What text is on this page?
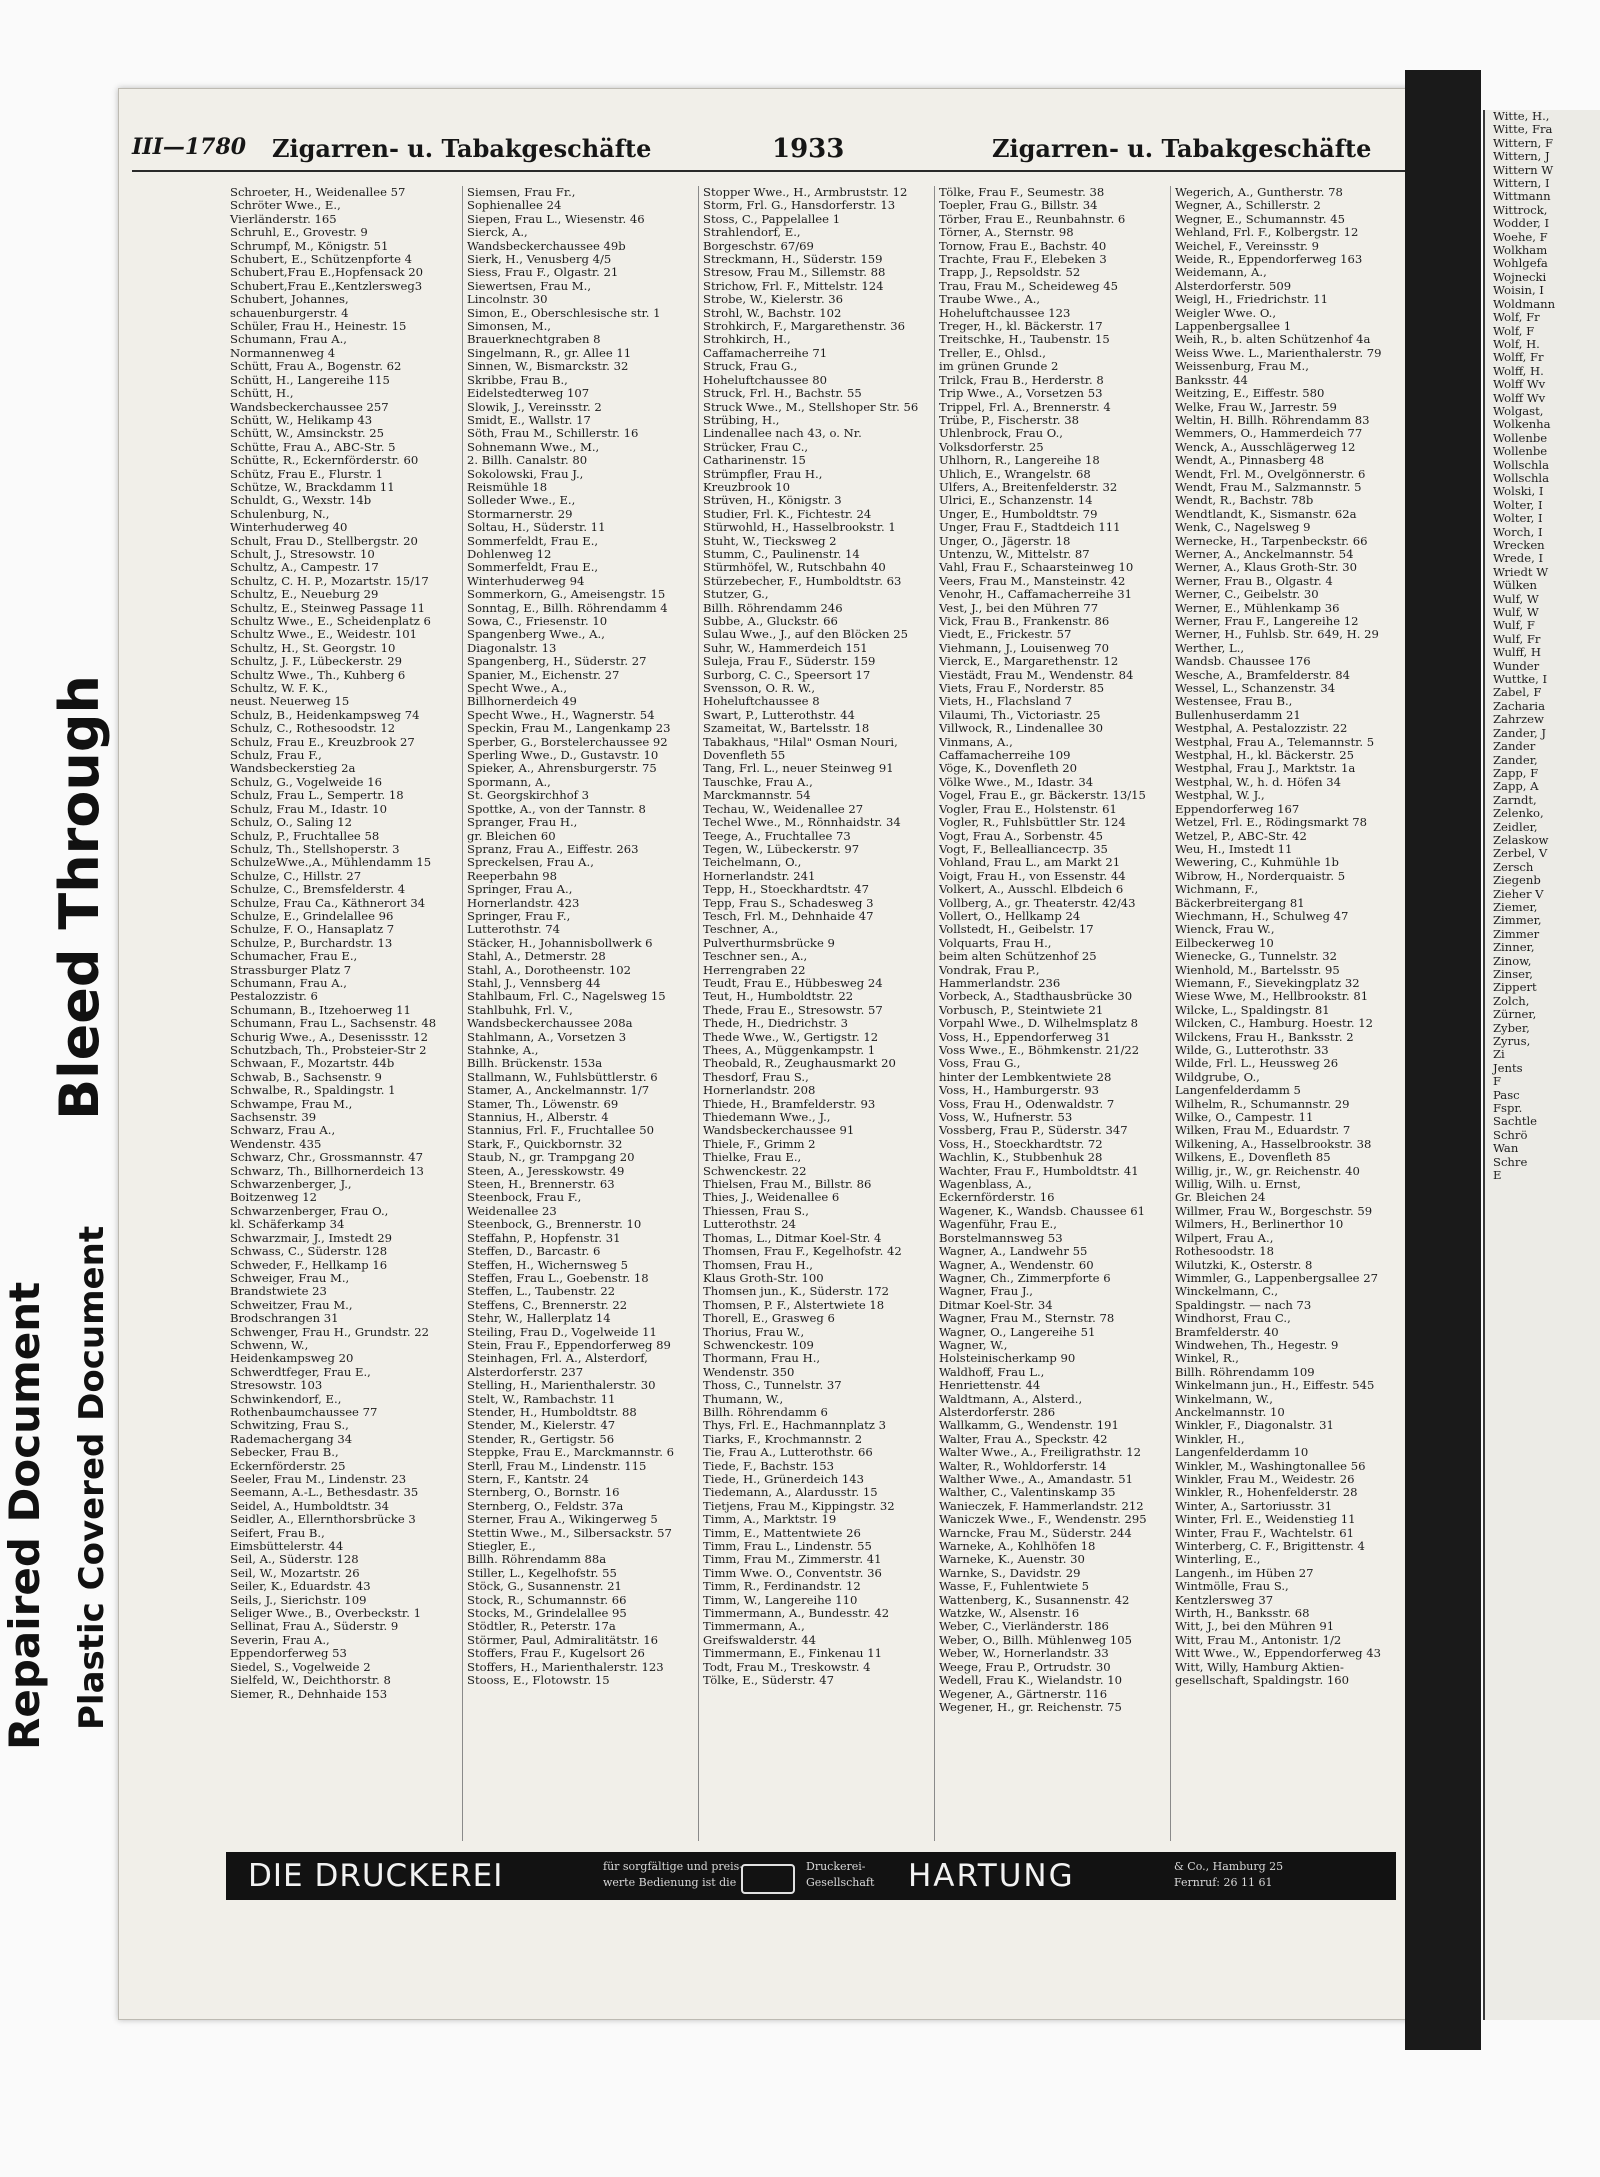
Bleed Through
Repaired Document Plastic Covered Document
III—1780 Zigarren- u. Tabakgeschäfte	1933	Zigarren- u. Tabakgeschäfte
Schroeter, H., Weidenallee 57
Schröter Wwe., E.,
Vierländerstr. 165
Schruhl, E., Grovestr. 9
Schrumpf, M., Königstr. 51
Schubert, E., Schützenpforte 4
Schubert,Frau E.,Hopfensack 20
Schubert,Frau E.,Kentzlersweg3
Schubert, Johannes,
schauenburgerstr. 4
Schüler, Frau H., Heinestr. 15
Schumann, Frau A.,
Normannenweg 4
Schütt, Frau A., Bogenstr. 62
Schütt, H., Langereihe 115
Schütt, H.,
Wandsbeckerchaussee 257
Schütt, W., Helikamp 43
Schütt, W., Amsinckstr. 25
Schütte, Frau A., ABC-Str. 5
Schütte, R., Eckernförderstr. 60
Schütz, Frau E., Flurstr. 1
Schütze, W., Brackdamm 11
Schuldt, G., Wexstr. 14b
Schulenburg, N.,
Winterhuderweg 40
Schult, Frau D., Stellbergstr. 20
Schult, J., Stresowstr. 10
Schultz, A., Campestr. 17
Schultz, C. H. P., Mozartstr. 15/17
Schultz, E., Neueburg 29
Schultz, E., Steinweg Passage 11
Schultz Wwe., E., Scheidenplatz 6
Schultz Wwe., E., Weidestr. 101
Schultz, H., St. Georgstr. 10
Schultz, J. F., Lübeckerstr. 29
Schultz Wwe., Th., Kuhberg 6
Schultz, W. F. K.,
neust. Neuerweg 15
Schulz, B., Heidenkampsweg 74
Schulz, C., Rothesoodstr. 12
Schulz, Frau E., Kreuzbrook 27
Schulz, Frau F.,
Wandsbeckerstieg 2a
Schulz, G., Vogelweide 16
Schulz, Frau L., Sempertr. 18
Schulz, Frau M., Idastr. 10
Schulz, O., Saling 12
Schulz, P., Fruchtallee 58
Schulz, Th., Stellshoperstr. 3
SchulzeWwe.,A., Mühlendamm 15
Schulze, C., Hillstr. 27
Schulze, C., Bremsfelderstr. 4
Schulze, Frau Ca., Käthnerort 34
Schulze, E., Grindelallee 96
Schulze, F. O., Hansaplatz 7
Schulze, P., Burchardstr. 13
Schumacher, Frau E.,
Strassburger Platz 7
Schumann, Frau A.,
Pestalozzistr. 6
Schumann, B., Itzehoerweg 11
Schumann, Frau L., Sachsenstr. 48
Schurig Wwe., A., Desenissstr. 12
Schutzbach, Th., Probsteier-Str 2
Schwaan, F., Mozartstr. 44b
Schwab, B., Sachsenstr. 9
Schwalbe, R., Spaldingstr. 1
Schwampe, Frau M.,
Sachsenstr. 39
Schwarz, Frau A.,
Wendenstr. 435
Schwarz, Chr., Grossmannstr. 47
Schwarz, Th., Billhornerdeich 13
Schwarzenberger, J.,
Boitzenweg 12
Schwarzenberger, Frau O.,
kl. Schäferkamp 34
Schwarzmair, J., Imstedt 29
Schwass, C., Süderstr. 128
Schweder, F., Hellkamp 16
Schweiger, Frau M.,
Brandstwiete 23
Schweitzer, Frau M.,
Brodschrangen 31
Schwenger, Frau H., Grundstr. 22
Schwenn, W.,
Heidenkampsweg 20
Schwerdtfeger, Frau E.,
Stresowstr. 103
Schwinkendorf, E.,
Rothenbaumchaussee 77
Schwitzing, Frau S.,
Rademachergang 34
Sebecker, Frau B.,
Eckernförderstr. 25
Seeler, Frau M., Lindenstr. 23
Seemann, A.-L., Bethesdastr. 35
Seidel, A., Humboldtstr. 34
Seidler, A., Ellernthorsbrücke 3
Seifert, Frau B.,
Eimsbüttelerstr. 44
Seil, A., Süderstr. 128
Seil, W., Mozartstr. 26
Seiler, K., Eduardstr. 43
Seils, J., Sierichstr. 109
Seliger Wwe., B., Overbeckstr. 1
Sellinat, Frau A., Süderstr. 9
Severin, Frau A.,
Eppendorferweg 53
Siedel, S., Vogelweide 2
Sielfeld, W., Deichthorstr. 8
Siemer, R., Dehnhaide 153
Siemsen, Frau Fr.,
Sophienallee 24
Siepen, Frau L., Wiesenstr. 46
Sierck, A.,
Wandsbeckerchaussee 49b
Sierk, H., Venusberg 4/5
Siess, Frau F., Olgastr. 21
Siewertsen, Frau M.,
Lincolnstr. 30
Simon, E., Oberschlesische str. 1
Simonsen, M.,
Brauerknechtgraben 8
Singelmann, R., gr. Allee 11
Sinnen, W., Bismarckstr. 32
Skribbe, Frau B.,
Eidelstedterweg 107
Slowik, J., Vereinsstr. 2
Smidt, E., Wallstr. 17
Söth, Frau M., Schillerstr. 16
Sohnemann Wwe., M.,
2. Billh. Canalstr. 80
Sokolowski, Frau J.,
Reismühle 18
Solleder Wwe., E.,
Stormarnerstr. 29
Soltau, H., Süderstr. 11
Sommerfeldt, Frau E.,
Dohlenweg 12
Sommerfeldt, Frau E.,
Winterhuderweg 94
Sommerkorn, G., Ameisengstr. 15
Sonntag, E., Billh. Röhrendamm 4
Sowa, C., Friesenstr. 10
Spangenberg Wwe., A.,
Diagonalstr. 13
Spangenberg, H., Süderstr. 27
Spanier, M., Eichenstr. 27
Specht Wwe., A.,
Billhornerdeich 49
Specht Wwe., H., Wagnerstr. 54
Speckin, Frau M., Langenkamp 23
Sperber, G., Borstelerchaussee 92
Sperling Wwe., D., Gustavstr. 10
Spieker, A., Ahrensburgerstr. 75
Spormann, A.,
St. Georgskirchhof 3
Spottke, A., von der Tannstr. 8
Spranger, Frau H.,
gr. Bleichen 60
Spranz, Frau A., Eiffestr. 263
Spreckelsen, Frau A.,
Reeperbahn 98
Springer, Frau A.,
Hornerlandstr. 423
Springer, Frau F.,
Lutterothstr. 74
Stäcker, H., Johannisbollwerk 6
Stahl, A., Detmerstr. 28
Stahl, A., Dorotheenstr. 102
Stahl, J., Vennsberg 44
Stahlbaum, Frl. C., Nagelsweg 15
Stahlbuhk, Frl. V.,
Wandsbeckerchaussee 208a
Stahlmann, A., Vorsetzen 3
Stahnke, A.,
Billh. Brückenstr. 153a
Stallmann, W., Fuhlsbüttlerstr. 6
Stamer, A., Anckelmannstr. 1/7
Stamer, Th., Löwenstr. 69
Stannius, H., Alberstr. 4
Stannius, Frl. F., Fruchtallee 50
Stark, F., Quickbornstr. 32
Staub, N., gr. Trampgang 20
Steen, A., Jeresskowstr. 49
Steen, H., Brennerstr. 63
Steenbock, Frau F.,
Weidenallee 23
Steenbock, G., Brennerstr. 10
Steffahn, P., Hopfenstr. 31
Steffen, D., Barcastr. 6
Steffen, H., Wichernsweg 5
Steffen, Frau L., Goebenstr. 18
Steffen, L., Taubenstr. 22
Steffens, C., Brennerstr. 22
Stehr, W., Hallerplatz 14
Steiling, Frau D., Vogelweide 11
Stein, Frau F., Eppendorferweg 89
Steinhagen, Frl. A., Alsterdorf,
Alsterdorferstr. 237
Stelling, H., Marienthalerstr. 30
Stelt, W., Rambachstr. 11
Stender, H., Humboldtstr. 88
Stender, M., Kielerstr. 47
Stender, R., Gertigstr. 56
Steppke, Frau E., Marckmannstr. 6
Sterll, Frau M., Lindenstr. 115
Stern, F., Kantstr. 24
Sternberg, O., Bornstr. 16
Sternberg, O., Feldstr. 37a
Sterner, Frau A., Wikingerweg 5
Stettin Wwe., M., Silbersackstr. 57
Stiegler, E.,
Billh. Röhrendamm 88a
Stiller, L., Kegelhofstr. 55
Stöck, G., Susannenstr. 21
Stock, R., Schumannstr. 66
Stocks, M., Grindelallee 95
Stödtler, R., Peterstr. 17a
Störmer, Paul, Admiralitätstr. 16
Stoffers, Frau F., Kugelsort 26
Stoffers, H., Marienthalerstr. 123
Stooss, E., Flotowstr. 15
Stopper Wwe., H., Armbruststr. 12
Storm, Frl. G., Hansdorferstr. 13
Stoss, C., Pappelallee 1
Strahlendorf, E.,
Borgeschstr. 67/69
Streckmann, H., Süderstr. 159
Stresow, Frau M., Sillemstr. 88
Strichow, Frl. F., Mittelstr. 124
Strobe, W., Kielerstr. 36
Strohl, W., Bachstr. 102
Strohkirch, F., Margarethenstr. 36
Strohkirch, H.,
Caffamacherreihe 71
Struck, Frau G.,
Hoheluftchaussee 80
Struck, Frl. H., Bachstr. 55
Struck Wwe., M., Stellshoper Str. 56
Strübing, H.,
Lindenallee nach 43, o. Nr.
Strücker, Frau C.,
Catharinenstr. 15
Strümpfler, Frau H.,
Kreuzbrook 10
Strüven, H., Königstr. 3
Studier, Frl. K., Fichtestr. 24
Stürwohld, H., Hasselbrookstr. 1
Stuht, W., Tiecksweg 2
Stumm, C., Paulinenstr. 14
Stürmhöfel, W., Rutschbahn 40
Stürzebecher, F., Humboldtstr. 63
Stutzer, G.,
Billh. Röhrendamm 246
Subbe, A., Gluckstr. 66
Sulau Wwe., J., auf den Blöcken 25
Suhr, W., Hammerdeich 151
Suleja, Frau F., Süderstr. 159
Surborg, C. C., Speersort 17
Svensson, O. R. W.,
Hoheluftchaussee 8
Swart, P., Lutterothstr. 44
Szameitat, W., Bartelsstr. 18
Tabakhaus, "Hilal" Osman Nouri,
Dovenfleth 55
Tang, Frl. L., neuer Steinweg 91
Tauschke, Frau A.,
Marckmannstr. 54
Techau, W., Weidenallee 27
Techel Wwe., M., Rönnhaidstr. 34
Teege, A., Fruchtallee 73
Tegen, W., Lübeckerstr. 97
Teichelmann, O.,
Hornerlandstr. 241
Tepp, H., Stoeckhardtstr. 47
Tepp, Frau S., Schadesweg 3
Tesch, Frl. M., Dehnhaide 47
Teschner, A.,
Pulverthurmsbrücke 9
Teschner sen., A.,
Herrengraben 22
Teudt, Frau E., Hübbesweg 24
Teut, H., Humboldtstr. 22
Thede, Frau E., Stresowstr. 57
Thede, H., Diedrichstr. 3
Thede Wwe., W., Gertigstr. 12
Thees, A., Müggenkampstr. 1
Theobald, R., Zeughausmarkt 20
Thesdorf, Frau S.,
Hornerlandstr. 208
Thiede, H., Bramfelderstr. 93
Thiedemann Wwe., J.,
Wandsbeckerchaussee 91
Thiele, F., Grimm 2
Thielke, Frau E.,
Schwenckestr. 22
Thielsen, Frau M., Billstr. 86
Thies, J., Weidenallee 6
Thiessen, Frau S.,
Lutterothstr. 24
Thomas, L., Ditmar Koel-Str. 4
Thomsen, Frau F., Kegelhofstr. 42
Thomsen, Frau H.,
Klaus Groth-Str. 100
Thomsen jun., K., Süderstr. 172
Thomsen, P. F., Alstertwiete 18
Thorell, E., Grasweg 6
Thorius, Frau W.,
Schwenckestr. 109
Thormann, Frau H.,
Wendenstr. 350
Thoss, C., Tunnelstr. 37
Thumann, W.,
Billh. Röhrendamm 6
Thys, Frl. E., Hachmannplatz 3
Tiarks, F., Krochmannstr. 2
Tie, Frau A., Lutterothstr. 66
Tiede, F., Bachstr. 153
Tiede, H., Grünerdeich 143
Tiedemann, A., Alardusstr. 15
Tietjens, Frau M., Kippingstr. 32
Timm, A., Marktstr. 19
Timm, E., Mattentwiete 26
Timm, Frau L., Lindenstr. 55
Timm, Frau M., Zimmerstr. 41
Timm Wwe. O., Conventstr. 36
Timm, R., Ferdinandstr. 12
Timm, W., Langereihe 110
Timmermann, A., Bundesstr. 42
Timmermann, A.,
Greifswalderstr. 44
Timmermann, E., Finkenau 11
Todt, Frau M., Treskowstr. 4
Tölke, E., Süderstr. 47
Tölke, Frau F., Seumestr. 38
Toepler, Frau G., Billstr. 34
Törber, Frau E., Reunbahnstr. 6
Törner, A., Sternstr. 98
Tornow, Frau E., Bachstr. 40
Trachte, Frau F., Elebeken 3
Trapp, J., Repsoldstr. 52
Trau, Frau M., Scheideweg 45
Traube Wwe., A.,
Hoheluftchaussee 123
Treger, H., kl. Bäckerstr. 17
Treitschke, H., Taubenstr. 15
Treller, E., Ohlsd.,
im grünen Grunde 2
Trilck, Frau B., Herderstr. 8
Trip Wwe., A., Vorsetzen 53
Trippel, Frl. A., Brennerstr. 4
Trübe, P., Fischerstr. 38
Uhlenbrock, Frau O.,
Volksdorferstr. 25
Uhlhorn, R., Langereihe 18
Uhlich, E., Wrangelstr. 68
Ulfers, A., Breitenfelderstr. 32
Ulrici, E., Schanzenstr. 14
Unger, E., Humboldtstr. 79
Unger, Frau F., Stadtdeich 111
Unger, O., Jägerstr. 18
Untenzu, W., Mittelstr. 87
Vahl, Frau F., Schaarsteinweg 10
Veers, Frau M., Mansteinstr. 42
Venohr, H., Caffamacherreihe 31
Vest, J., bei den Mühren 77
Vick, Frau B., Frankenstr. 86
Viedt, E., Frickestr. 57
Viehmann, J., Louisenweg 70
Vierck, E., Margarethenstr. 12
Viestädt, Frau M., Wendenstr. 84
Viets, Frau F., Norderstr. 85
Viets, H., Flachsland 7
Vilaumi, Th., Victoriastr. 25
Villwock, R., Lindenallee 30
Vinmans, A.,
Caffamacherreihe 109
Vöge, K., Dovenfleth 20
Völke Wwe., M., Idastr. 34
Vogel, Frau E., gr. Bäckerstr. 13/15
Vogler, Frau E., Holstenstr. 61
Vogler, R., Fuhlsbüttler Str. 124
Vogt, Frau A., Sorbenstr. 45
Vogt, F., Belleallianceстр. 35
Vohland, Frau L., am Markt 21
Voigt, Frau H., von Essenstr. 44
Volkert, A., Ausschl. Elbdeich 6
Vollberg, A., gr. Theaterstr. 42/43
Vollert, O., Hellkamp 24
Vollstedt, H., Geibelstr. 17
Volquarts, Frau H.,
beim alten Schützenhof 25
Vondrak, Frau P.,
Hammerlandstr. 236
Vorbeck, A., Stadthausbrücke 30
Vorbusch, P., Steintwiete 21
Vorpahl Wwe., D. Wilhelmsplatz 8
Voss, H., Eppendorferweg 31
Voss Wwe., E., Böhmkenstr. 21/22
Voss, Frau G.,
hinter der Lembkentwiete 28
Voss, H., Hamburgerstr. 93
Voss, Frau H., Odenwaldstr. 7
Voss, W., Hufnerstr. 53
Vossberg, Frau P., Süderstr. 347
Voss, H., Stoeckhardtstr. 72
Wachlin, K., Stubbenhuk 28
Wachter, Frau F., Humboldtstr. 41
Wagenblass, A.,
Eckernförderstr. 16
Wagener, K., Wandsb. Chaussee 61
Wagenführ, Frau E.,
Borstelmannsweg 53
Wagner, A., Landwehr 55
Wagner, A., Wendenstr. 60
Wagner, Ch., Zimmerpforte 6
Wagner, Frau J.,
Ditmar Koel-Str. 34
Wagner, Frau M., Sternstr. 78
Wagner, O., Langereihe 51
Wagner, W.,
Holsteinischerkamp 90
Waldhoff, Frau L.,
Henriettenstr. 44
Waldtmann, A., Alsterd.,
Alsterdorferstr. 286
Wallkamm, G., Wendenstr. 191
Walter, Frau A., Speckstr. 42
Walter Wwe., A., Freiligrathstr. 12
Walter, R., Wohldorferstr. 14
Walther Wwe., A., Amandastr. 51
Walther, C., Valentinskamp 35
Wanieczek, F. Hammerlandstr. 212
Waniczek Wwe., F., Wendenstr. 295
Warncke, Frau M., Süderstr. 244
Warneke, A., Kohlhöfen 18
Warneke, K., Auenstr. 30
Warnke, S., Davidstr. 29
Wasse, F., Fuhlentwiete 5
Wattenberg, K., Susannenstr. 42
Watzke, W., Alsenstr. 16
Weber, C., Vierländerstr. 186
Weber, O., Billh. Mühlenweg 105
Weber, W., Hornerlandstr. 33
Weege, Frau P., Ortrudstr. 30
Wedell, Frau K., Wielandstr. 10
Wegener, A., Gärtnerstr. 116
Wegener, H., gr. Reichenstr. 75
Wegerich, A., Guntherstr. 78
Wegner, A., Schillerstr. 2
Wegner, E., Schumannstr. 45
Wehland, Frl. F., Kolbergstr. 12
Weichel, F., Vereinsstr. 9
Weide, R., Eppendorferweg 163
Weidemann, A.,
Alsterdorferstr. 509
Weigl, H., Friedrichstr. 11
Weigler Wwe. O.,
Lappenbergsallee 1
Weih, R., b. alten Schützenhof 4a
Weiss Wwe. L., Marienthalerstr. 79
Weissenburg, Frau M.,
Banksstr. 44
Weitzing, E., Eiffestr. 580
Welke, Frau W., Jarrestr. 59
Weltin, H. Billh. Röhrendamm 83
Wemmers, O., Hammerdeich 77
Wenck, A., Ausschlägerweg 12
Wendt, A., Pinnasberg 48
Wendt, Frl. M., Ovelgönnerstr. 6
Wendt, Frau M., Salzmannstr. 5
Wendt, R., Bachstr. 78b
Wendtlandt, K., Sismanstr. 62a
Wenk, C., Nagelsweg 9
Wernecke, H., Tarpenbeckstr. 66
Werner, A., Anckelmannstr. 54
Werner, A., Klaus Groth-Str. 30
Werner, Frau B., Olgastr. 4
Werner, C., Geibelstr. 30
Werner, E., Mühlenkamp 36
Werner, Frau F., Langereihe 12
Werner, H., Fuhlsb. Str. 649, H. 29
Werther, L.,
Wandsb. Chaussee 176
Wesche, A., Bramfelderstr. 84
Wessel, L., Schanzenstr. 34
Westensee, Frau B.,
Bullenhuserdamm 21
Westphal, A. Pestalozzistr. 22
Westphal, Frau A., Telemannstr. 5
Westphal, H., kl. Bäckerstr. 25
Westphal, Frau J., Marktstr. 1a
Westphal, W., h. d. Höfen 34
Westphal, W. J.,
Eppendorferweg 167
Wetzel, Frl. E., Rödingsmarkt 78
Wetzel, P., ABC-Str. 42
Weu, H., Imstedt 11
Wewering, C., Kuhmühle 1b
Wibrow, H., Norderquaistr. 5
Wichmann, F.,
Bäckerbreitergang 81
Wiechmann, H., Schulweg 47
Wienck, Frau W.,
Eilbeckerweg 10
Wienecke, G., Tunnelstr. 32
Wienhold, M., Bartelsstr. 95
Wiemann, F., Sievekingplatz 32
Wiese Wwe, M., Hellbrookstr. 81
Wilcke, L., Spaldingstr. 81
Wilcken, C., Hamburg. Hoestr. 12
Wilckens, Frau H., Banksstr. 2
Wilde, G., Lutterothstr. 33
Wilde, Frl. L., Heussweg 26
Wildgrube, O.,
Langenfelderdamm 5
Wilhelm, R., Schumannstr. 29
Wilke, O., Campestr. 11
Wilken, Frau M., Eduardstr. 7
Wilkening, A., Hasselbrookstr. 38
Wilkens, E., Dovenfleth 85
Willig, jr., W., gr. Reichenstr. 40
Willig, Wilh. u. Ernst,
Gr. Bleichen 24
Willmer, Frau W., Borgeschstr. 59
Wilmers, H., Berlinerthor 10
Wilpert, Frau A.,
Rothesoodstr. 18
Wilutzki, K., Osterstr. 8
Wimmler, G., Lappenbergsallee 27
Winckelmann, C.,
Spaldingstr. — nach 73
Windhorst, Frau C.,
Bramfelderstr. 40
Windwehen, Th., Hegestr. 9
Winkel, R.,
Billh. Röhrendamm 109
Winkelmann jun., H., Eiffestr. 545
Winkelmann, W.,
Anckelmannstr. 10
Winkler, F., Diagonalstr. 31
Winkler, H.,
Langenfelderdamm 10
Winkler, M., Washingtonallee 56
Winkler, Frau M., Weidestr. 26
Winkler, R., Hohenfelderstr. 28
Winter, A., Sartoriusstr. 31
Winter, Frl. E., Weidenstieg 11
Winter, Frau F., Wachtelstr. 61
Winterberg, C. F., Brigittenstr. 4
Winterling, E.,
Langenh., im Hüben 27
Wintmölle, Frau S.,
Kentzlersweg 37
Wirth, H., Banksstr. 68
Witt, J., bei den Mühren 91
Witt, Frau M., Antonistr. 1/2
Witt Wwe., W., Eppendorferweg 43
Witt, Willy, Hamburg Aktien-
gesellschaft, Spaldingstr. 160
DIE DRUCKEREI	für sorgfältige und preis-
werte Bedienung ist die
Druckerei-
Gesellschaft HARTUNG	& Co., Hamburg 25
Fernruf: 26 11 61
Witte, H.,
Witte, Fra
Wittern, F
Wittern, J
Wittern W
Wittern, I
Wittmann
Wittrock,
Wodder, I
Woehe, F
Wolkham
Wohlgefa
Wojnecki
Woisin, I
Woldmann
Wolf, Fr
Wolf, F
Wolf, H.
Wolff, Fr
Wolff, H.
Wolff Wv
Wolff Wv
Wolgast,
Wolkenha
Wollenbe
Wollenbe
Wollschla
Wollschla
Wolski, I
Wolter, I
Wolter, I
Worch, I
Wrecken
Wrede, I
Wriedt W
Wülken
Wulf, W
Wulf, W
Wulf, F
Wulf, Fr
Wulff, H
Wunder
Wuttke, I
Zabel, F
Zacharia
Zahrzew
Zander, J
Zander
Zander,
Zapp, F
Zapp, A
Zarndt,
Zelenko,
Zeidler,
Zelaskow
Zerbel, V
Zersch
Ziegenb
Zieher V
Ziemer,
Zimmer,
Zimmer
Zinner,
Zinow,
Zinser,
Zippert
Zolch,
Zürner,
Zyber,
Zyrus,
Zi
Jents
F
Pasc
Fspr.
Sachtle
Schrö
Wan
Schre
E
